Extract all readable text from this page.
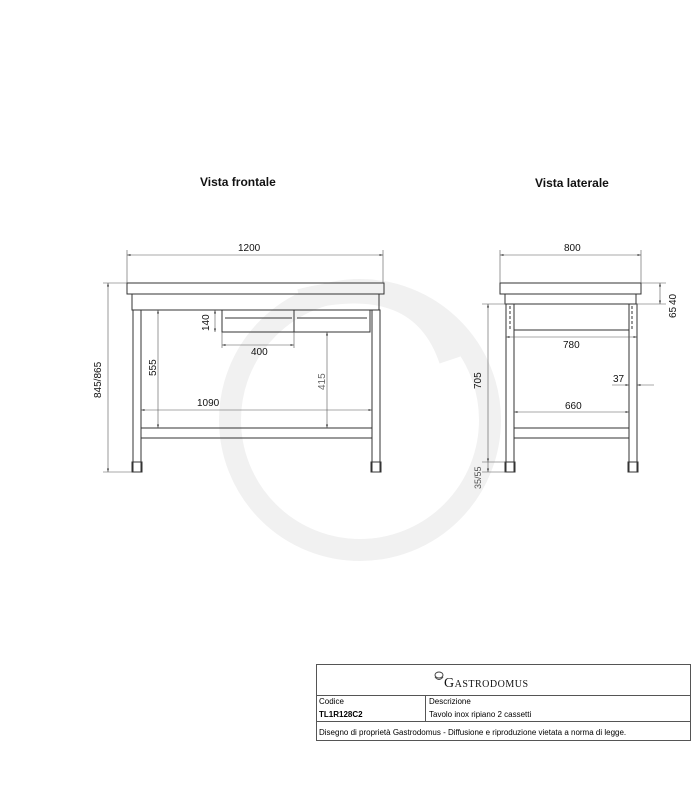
1200
845/865
140
400
555
1090
415
800
40
65
780
705	37
660
35/55
Vista frontale	Vista laterale
Gastrodomus
Codice
TL1R128C2
Descrizione
Tavolo inox ripiano 2 cassetti
Disegno di proprietà Gastrodomus - Diffusione e riproduzione vietata a norma di legge.
